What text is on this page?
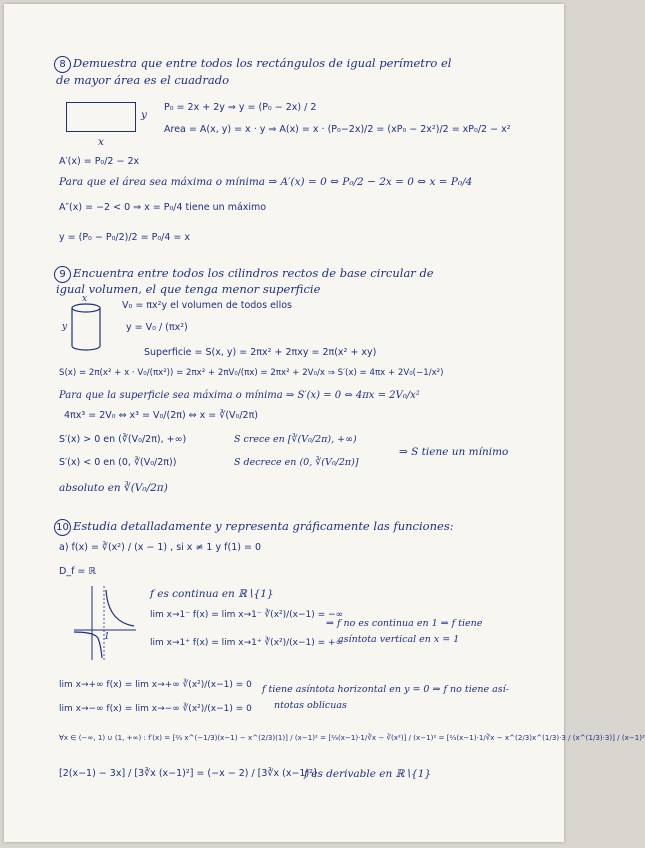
8 Demuestra que entre todos los rectángulos de igual perímetro el
de mayor área es el cuadrado
y
x
P₀ = 2x + 2y ⇒ y = (P₀ − 2x) / 2
Area = A(x, y) = x · y ⇒ A(x) = x · (P₀−2x)/2 = (xP₀ − 2x²)/2 = xP₀/2 − x²
A′(x) = P₀/2 − 2x
Para que el área sea máxima o mínima ⇒ A′(x) = 0 ⇔ P₀/2 − 2x = 0 ⇔ x = P₀/4
A″(x) = −2 < 0 ⇒ x = P₀/4 tiene un máximo
y = (P₀ − P₀/2)/2 = P₀/4 = x
9 Encuentra entre todos los cilindros rectos de base circular de
igual volumen, el que tenga menor superficie
x
y
V₀ = πx²y el volumen de todos ellos
y = V₀ / (πx²)
Superficie = S(x, y) = 2πx² + 2πxy = 2π(x² + xy)
S(x) = 2π(x² + x · V₀/(πx²)) = 2πx² + 2πV₀/(πx) = 2πx² + 2V₀/x ⇒ S′(x) = 4πx + 2V₀(−1/x²)
Para que la superficie sea máxima o mínima ⇒ S′(x) = 0 ⇔ 4πx = 2V₀/x²
4πx³ = 2V₀ ⇔ x³ = V₀/(2π) ⇔ x = ∛(V₀/2π)
S′(x) > 0 en (∛(V₀/2π), +∞)
S′(x) < 0 en (0, ∛(V₀/2π))
S crece en [∛(V₀/2π), +∞)
S decrece en (0, ∛(V₀/2π)]
⇒ S tiene un mínimo
absoluto en ∛(V₀/2π)
10 Estudia detalladamente y representa gráficamente las funciones:
a) f(x) = ∛(x²) / (x − 1) , si x ≠ 1 y f(1) = 0
D_f = ℝ
1
f es continua en ℝ∖{1}
lim x→1⁻ f(x) = lim x→1⁻ ∛(x²)/(x−1) = −∞
lim x→1⁺ f(x) = lim x→1⁺ ∛(x²)/(x−1) = +∞
⇒ f no es continua en 1 ⇒ f tiene
asíntota vertical en x = 1
lim x→+∞ f(x) = lim x→+∞ ∛(x²)/(x−1) = 0
lim x→−∞ f(x) = lim x→−∞ ∛(x²)/(x−1) = 0
f tiene asíntota horizontal en y = 0 ⇒ f no tiene así-
ntotas oblicuas
∀x ∈ (−∞, 1) ∪ (1, +∞) : f′(x) = [⅔ x^(−1/3)(x−1) − x^(2/3)(1)] / (x−1)² = [⅔(x−1)·1/∛x − ∛(x²)] / (x−1)² = [⅔(x−1)·1/∛x − x^(2/3)x^(1/3)·3 / (x^(1/3)·3)] / (x−1)²
[2(x−1) − 3x] / [3∛x (x−1)²] = (−x − 2) / [3∛x (x−1)²]
f es derivable en ℝ∖{1}
